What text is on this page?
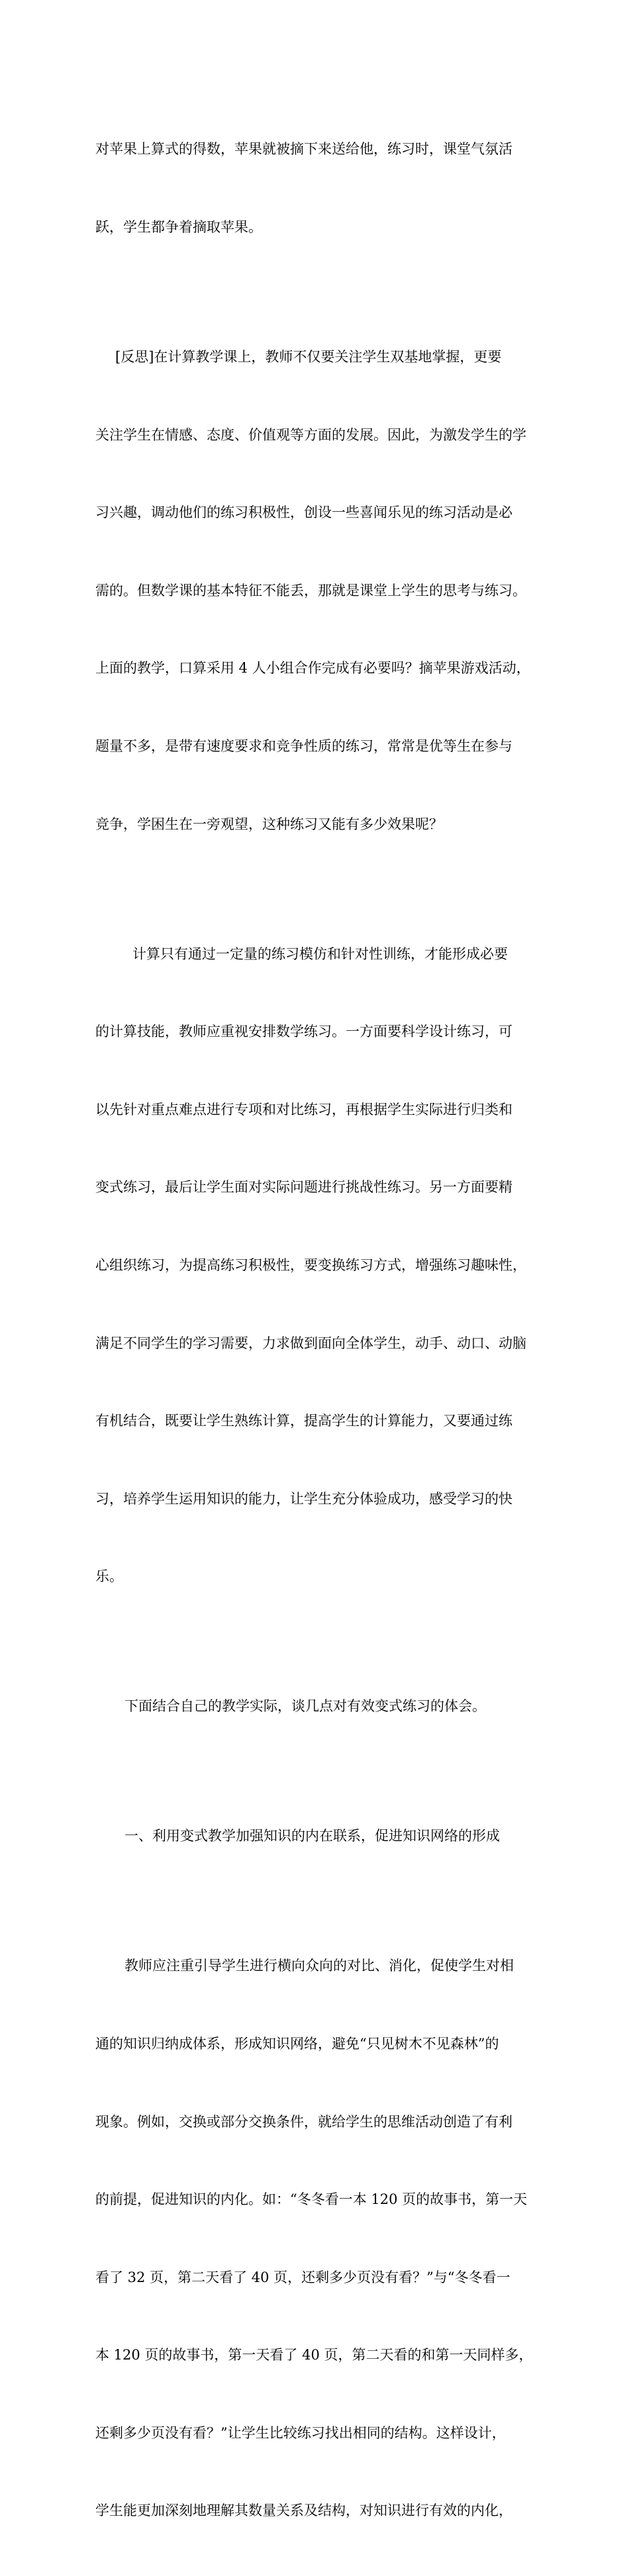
对苹果上算式的得数，苹果就被摘下来送给他，练习时，课堂气氛活

跃，学生都争着摘取苹果。

[反思]在计算教学课上，教师不仅要关注学生双基地掌握，更要

关注学生在情感、态度、价值观等方面的发展。因此，为激发学生的学

习兴趣，调动他们的练习积极性，创设一些喜闻乐见的练习活动是必

需的。但数学课的基本特征不能丢，那就是课堂上学生的思考与练习。

上面的教学，口算采用 4 人小组合作完成有必要吗？摘苹果游戏活动，

题量不多，是带有速度要求和竞争性质的练习，常常是优等生在参与

竞争，学困生在一旁观望，这种练习又能有多少效果呢？

计算只有通过一定量的练习模仿和针对性训练，才能形成必要

的计算技能，教师应重视安排数学练习。一方面要科学设计练习，可

以先针对重点难点进行专项和对比练习，再根据学生实际进行归类和

变式练习，最后让学生面对实际问题进行挑战性练习。另一方面要精

心组织练习，为提高练习积极性，要变换练习方式，增强练习趣味性，

满足不同学生的学习需要，力求做到面向全体学生，动手、动口、动脑

有机结合，既要让学生熟练计算，提高学生的计算能力，又要通过练

习，培养学生运用知识的能力，让学生充分体验成功，感受学习的快

乐。

下面结合自己的教学实际，谈几点对有效变式练习的体会。

一、利用变式教学加强知识的内在联系，促进知识网络的形成

教师应注重引导学生进行横向众向的对比、消化，促使学生对相

通的知识归纳成体系，形成知识网络，避免“只见树木不见森林”的

现象。例如，交换或部分交换条件，就给学生的思维活动创造了有利

的前提，促进知识的内化。如：“冬冬看一本 120 页的故事书，第一天

看了 32 页，第二天看了 40 页，还剩多少页没有看？”与“冬冬看一

本 120 页的故事书，第一天看了 40 页，第二天看的和第一天同样多，

还剩多少页没有看？”让学生比较练习找出相同的结构。这样设计，

学生能更加深刻地理解其数量关系及结构，对知识进行有效的内化，
